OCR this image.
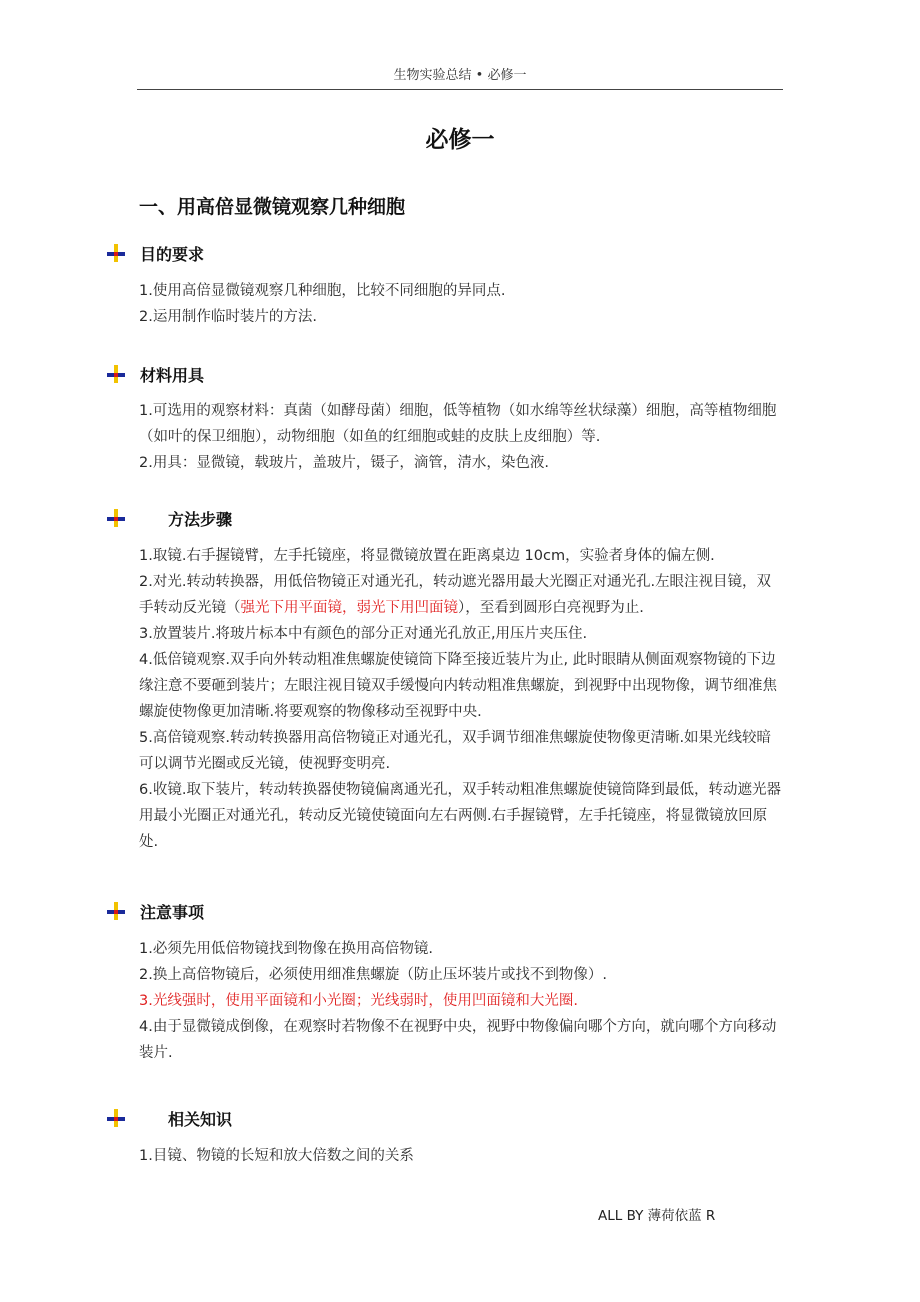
生物实验总结 • 必修一
必修一
一、用高倍显微镜观察几种细胞
目的要求

1.使用高倍显微镜观察几种细胞，比较不同细胞的异同点.

2.运用制作临时装片的方法.

材料用具

1.可选用的观察材料：真菌（如酵母菌）细胞，低等植物（如水绵等丝状绿藻）细胞，高等植物细胞（如叶的保卫细胞），动物细胞（如鱼的红细胞或蛙的皮肤上皮细胞）等.

2.用具：显微镜，载玻片，盖玻片，镊子，滴管，清水，染色液.

方法步骤

1.取镜.右手握镜臂，左手托镜座，将显微镜放置在距离桌边 10cm，实验者身体的偏左侧.

2.对光.转动转换器，用低倍物镜正对通光孔，转动遮光器用最大光圈正对通光孔.左眼注视目镜，双手转动反光镜（强光下用平面镜，弱光下用凹面镜），至看到圆形白亮视野为止.

3.放置装片.将玻片标本中有颜色的部分正对通光孔放正,用压片夹压住.

4.低倍镜观察.双手向外转动粗准焦螺旋使镜筒下降至接近装片为止, 此时眼睛从侧面观察物镜的下边缘注意不要砸到装片；左眼注视目镜双手缓慢向内转动粗准焦螺旋，到视野中出现物像，调节细准焦螺旋使物像更加清晰.将要观察的物像移动至视野中央.

5.高倍镜观察.转动转换器用高倍物镜正对通光孔，双手调节细准焦螺旋使物像更清晰.如果光线较暗可以调节光圈或反光镜，使视野变明亮.

6.收镜.取下装片，转动转换器使物镜偏离通光孔，双手转动粗准焦螺旋使镜筒降到最低，转动遮光器用最小光圈正对通光孔，转动反光镜使镜面向左右两侧.右手握镜臂，左手托镜座，将显微镜放回原处.

注意事项

1.必须先用低倍物镜找到物像在换用高倍物镜.

2.换上高倍物镜后，必须使用细准焦螺旋（防止压坏装片或找不到物像）.

3.光线强时，使用平面镜和小光圈；光线弱时，使用凹面镜和大光圈.

4.由于显微镜成倒像，在观察时若物像不在视野中央，视野中物像偏向哪个方向，就向哪个方向移动装片.

相关知识

1.目镜、物镜的长短和放大倍数之间的关系

ALL BY 薄荷依蓝 R
